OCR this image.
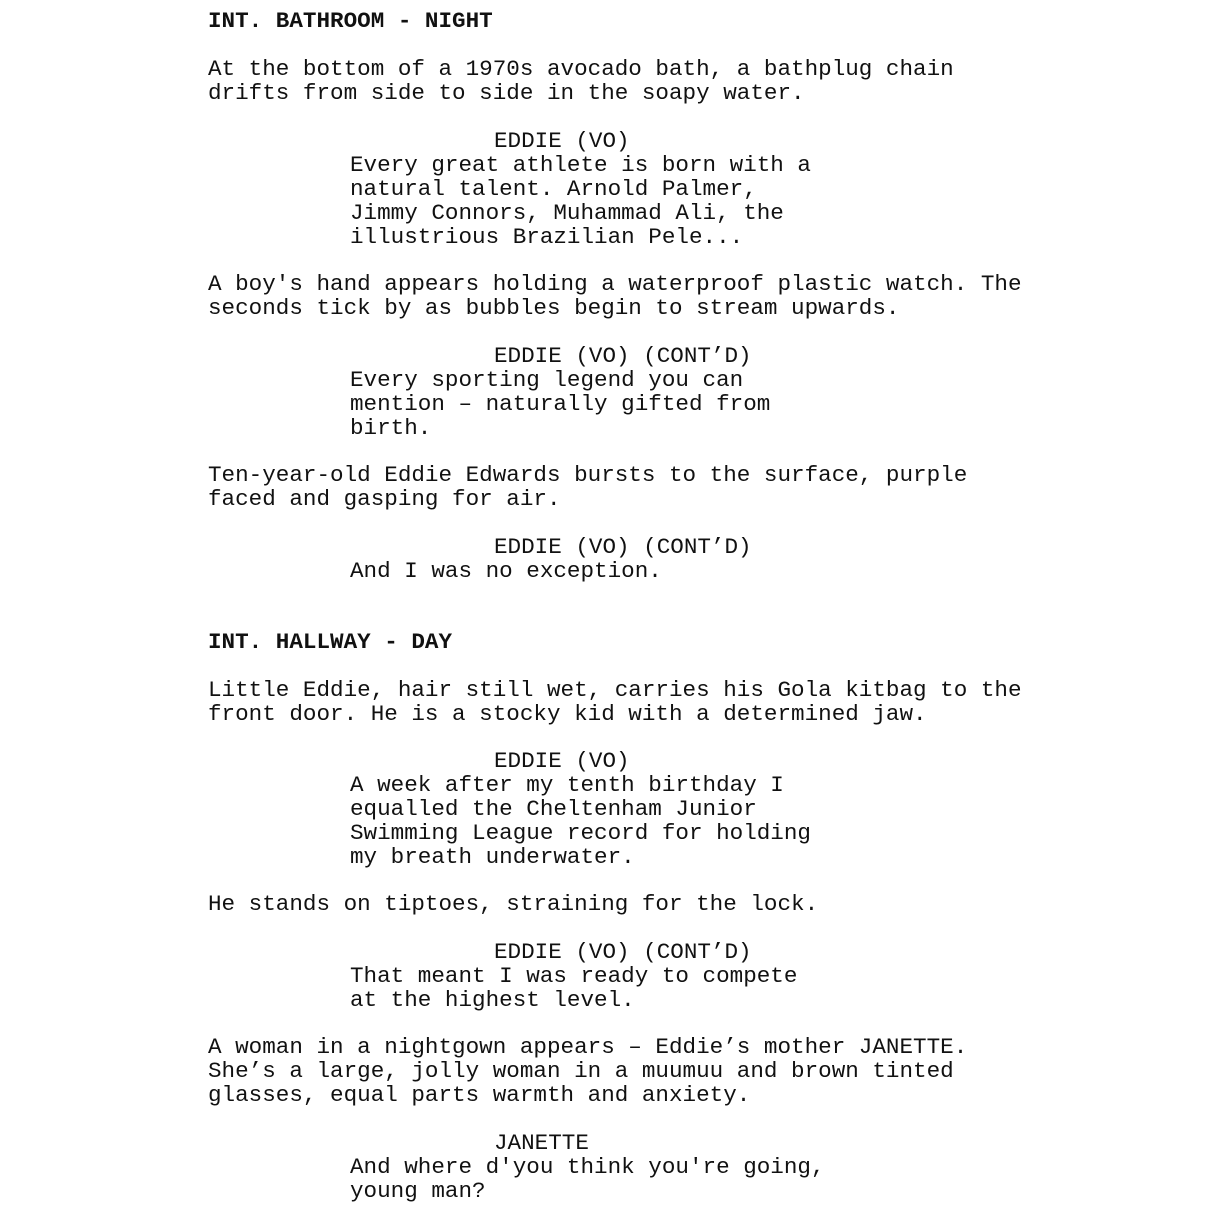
INT. BATHROOM - NIGHT
At the bottom of a 1970s avocado bath, a bathplug chain
drifts from side to side in the soapy water.
EDDIE (VO)
Every great athlete is born with a
natural talent. Arnold Palmer,
Jimmy Connors, Muhammad Ali, the
illustrious Brazilian Pele...
A boy's hand appears holding a waterproof plastic watch. The
seconds tick by as bubbles begin to stream upwards.
EDDIE (VO) (CONT’D)
Every sporting legend you can
mention – naturally gifted from
birth.
Ten-year-old Eddie Edwards bursts to the surface, purple
faced and gasping for air.
EDDIE (VO) (CONT’D)
And I was no exception.
INT. HALLWAY - DAY
Little Eddie, hair still wet, carries his Gola kitbag to the
front door. He is a stocky kid with a determined jaw.
EDDIE (VO)
A week after my tenth birthday I
equalled the Cheltenham Junior
Swimming League record for holding
my breath underwater.
He stands on tiptoes, straining for the lock.
EDDIE (VO) (CONT’D)
That meant I was ready to compete
at the highest level.
A woman in a nightgown appears – Eddie’s mother JANETTE.
She’s a large, jolly woman in a muumuu and brown tinted
glasses, equal parts warmth and anxiety.
JANETTE
And where d'you think you're going,
young man?
